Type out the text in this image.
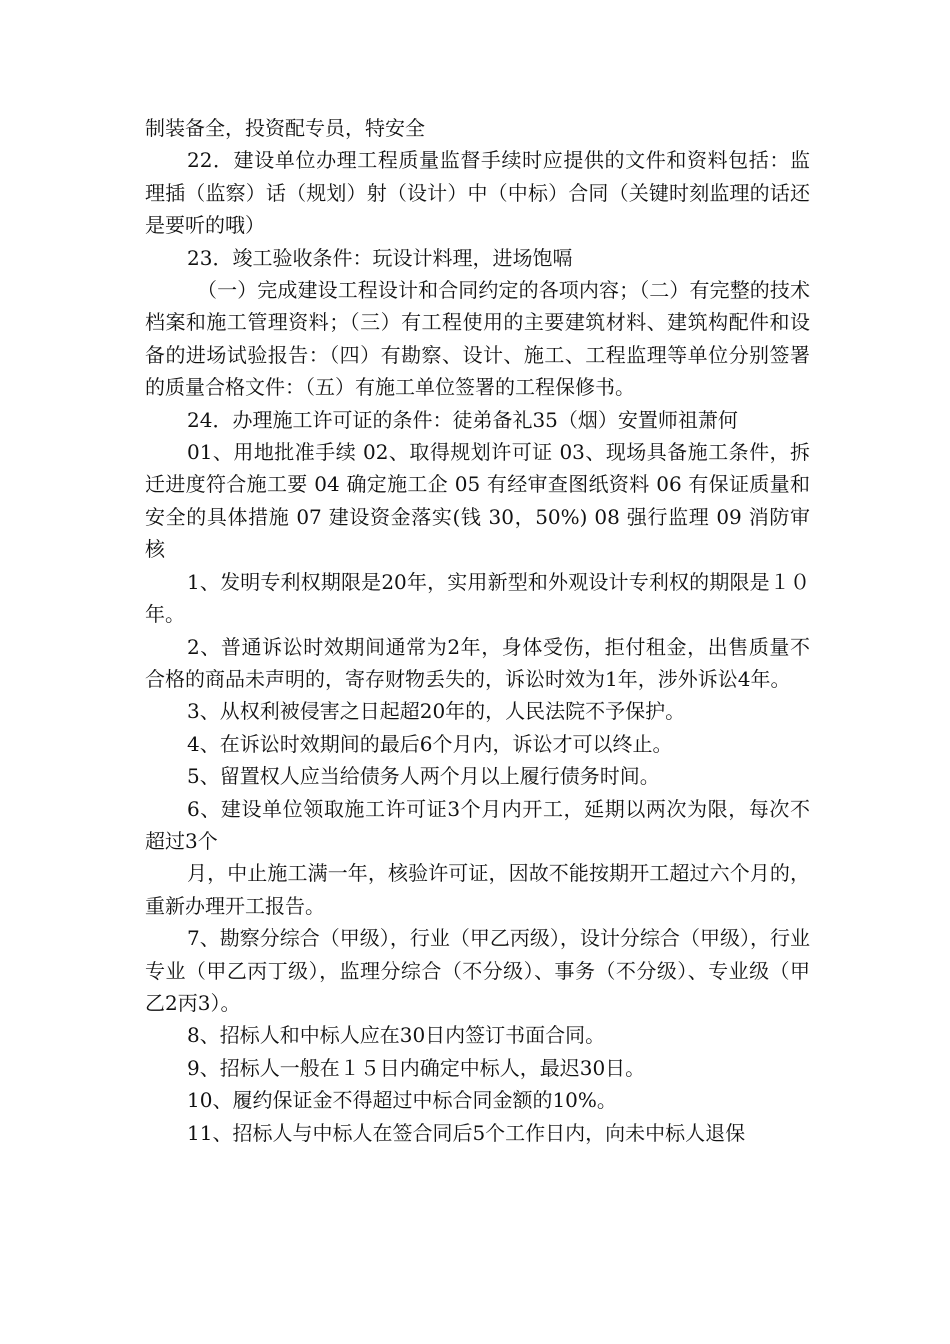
制装备全，投资配专员，特安全

22．建设单位办理工程质量监督手续时应提供的文件和资料包括：监理插（监察）话（规划）射（设计）中（中标）合同（关键时刻监理的话还是要听的哦）

23．竣工验收条件：玩设计料理，进场饱嗝

（一）完成建设工程设计和合同约定的各项内容；（二）有完整的技术档案和施工管理资料；（三）有工程使用的主要建筑材料、建筑构配件和设备的进场试验报告：（四）有勘察、设计、施工、工程监理等单位分别签署的质量合格文件：（五）有施工单位签署的工程保修书。

24．办理施工许可证的条件：徒弟备礼35（烟）安置师祖萧何

01、用地批准手续 02、取得规划许可证 03、现场具备施工条件，拆迁进度符合施工要 04 确定施工企 05 有经审查图纸资料 06 有保证质量和安全的具体措施 07 建设资金落实(钱 30，50%) 08 强行监理 09 消防审核

1、发明专利权期限是20年，实用新型和外观设计专利权的期限是１０年。

2、普通诉讼时效期间通常为2年，身体受伤，拒付租金，出售质量不合格的商品未声明的，寄存财物丢失的，诉讼时效为1年，涉外诉讼4年。

3、从权利被侵害之日起超20年的，人民法院不予保护。

4、在诉讼时效期间的最后6个月内，诉讼才可以终止。

5、留置权人应当给债务人两个月以上履行债务时间。

6、建设单位领取施工许可证3个月内开工，延期以两次为限，每次不超过3个

月，中止施工满一年，核验许可证，因故不能按期开工超过六个月的，重新办理开工报告。

7、勘察分综合（甲级），行业（甲乙丙级），设计分综合（甲级），行业专业（甲乙丙丁级），监理分综合（不分级）、事务（不分级）、专业级（甲乙2丙3）。

8、招标人和中标人应在30日内签订书面合同。

9、招标人一般在１５日内确定中标人，最迟30日。

10、履约保证金不得超过中标合同金额的10%。

11、招标人与中标人在签合同后5个工作日内，向未中标人退保
